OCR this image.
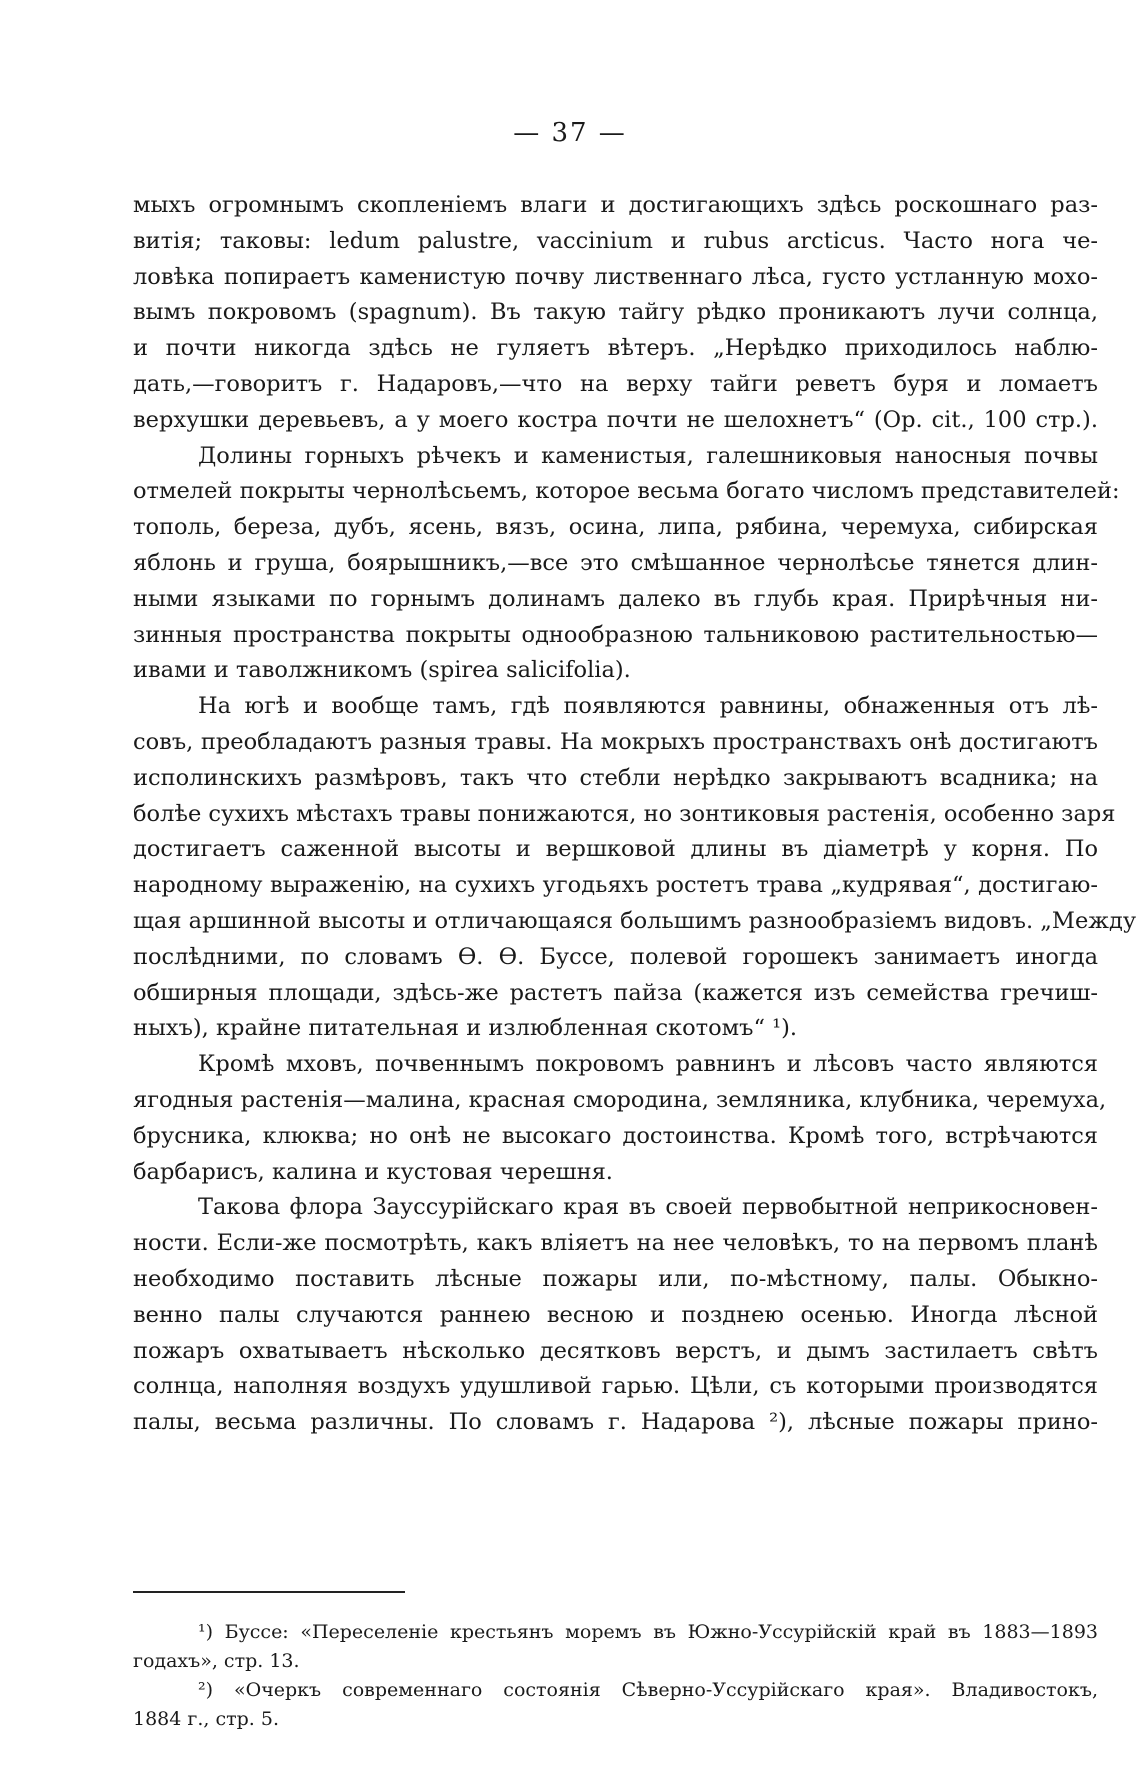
— 37 —
мыхъ огромнымъ скопленіемъ влаги и достигающихъ здѣсь роскошнаго раз-
витія; таковы: ledum palustre, vaccinium и rubus arcticus. Часто нога че-
ловѣка попираетъ каменистую почву лиственнаго лѣса, густо устланную мохо-
вымъ покровомъ (spagnum). Въ такую тайгу рѣдко проникаютъ лучи солнца,
и почти никогда здѣсь не гуляетъ вѣтеръ. „Нерѣдко приходилось наблю-
дать,—говоритъ г. Надаровъ,—что на верху тайги реветъ буря и ломаетъ
верхушки деревьевъ, а у моего костра почти не шелохнетъ“ (Op. cit., 100 стр.).
Долины горныхъ рѣчекъ и каменистыя, галешниковыя наносныя почвы
отмелей покрыты чернолѣсьемъ, которое весьма богато числомъ представителей:
тополь, береза, дубъ, ясень, вязъ, осина, липа, рябина, черемуха, сибирская
яблонь и груша, боярышникъ,—все это смѣшанное чернолѣсье тянется длин-
ными языками по горнымъ долинамъ далеко въ глубь края. Прирѣчныя ни-
зинныя пространства покрыты однообразною тальниковою растительностью—
ивами и таволжникомъ (spirea salicifolia).
На югѣ и вообще тамъ, гдѣ появляются равнины, обнаженныя отъ лѣ-
совъ, преобладаютъ разныя травы. На мокрыхъ пространствахъ онѣ достигаютъ
исполинскихъ размѣровъ, такъ что стебли нерѣдко закрываютъ всадника; на
болѣе сухихъ мѣстахъ травы понижаются, но зонтиковыя растенія, особенно заря
достигаетъ саженной высоты и вершковой длины въ діаметрѣ у корня. По
народному выраженію, на сухихъ угодьяхъ ростетъ трава „кудрявая“, достигаю-
щая аршинной высоты и отличающаяся большимъ разнообразіемъ видовъ. „Между
послѣдними, по словамъ Ѳ. Ѳ. Буссе, полевой горошекъ занимаетъ иногда
обширныя площади, здѣсь-же растетъ пайза (кажется изъ семейства гречиш-
ныхъ), крайне питательная и излюбленная скотомъ“ ¹).
Кромѣ мховъ, почвеннымъ покровомъ равнинъ и лѣсовъ часто являются
ягодныя растенія—малина, красная смородина, земляника, клубника, черемуха,
брусника, клюква; но онѣ не высокаго достоинства. Кромѣ того, встрѣчаются
барбарисъ, калина и кустовая черешня.
Такова флора Зауссурійскаго края въ своей первобытной неприкосновен-
ности. Если-же посмотрѣть, какъ вліяетъ на нее человѣкъ, то на первомъ планѣ
необходимо поставить лѣсные пожары или, по-мѣстному, палы. Обыкно-
венно палы случаются раннею весною и позднею осенью. Иногда лѣсной
пожаръ охватываетъ нѣсколько десятковъ верстъ, и дымъ застилаетъ свѣтъ
солнца, наполняя воздухъ удушливой гарью. Цѣли, съ которыми производятся
палы, весьма различны. По словамъ г. Надарова ²), лѣсные пожары прино-
¹) Буссе: «Переселеніе крестьянъ моремъ въ Южно-Уссурійскій край въ 1883—1893
годахъ», стр. 13.
²) «Очеркъ современнаго состоянія Сѣверно-Уссурійскаго края». Владивостокъ,
1884 г., стр. 5.
